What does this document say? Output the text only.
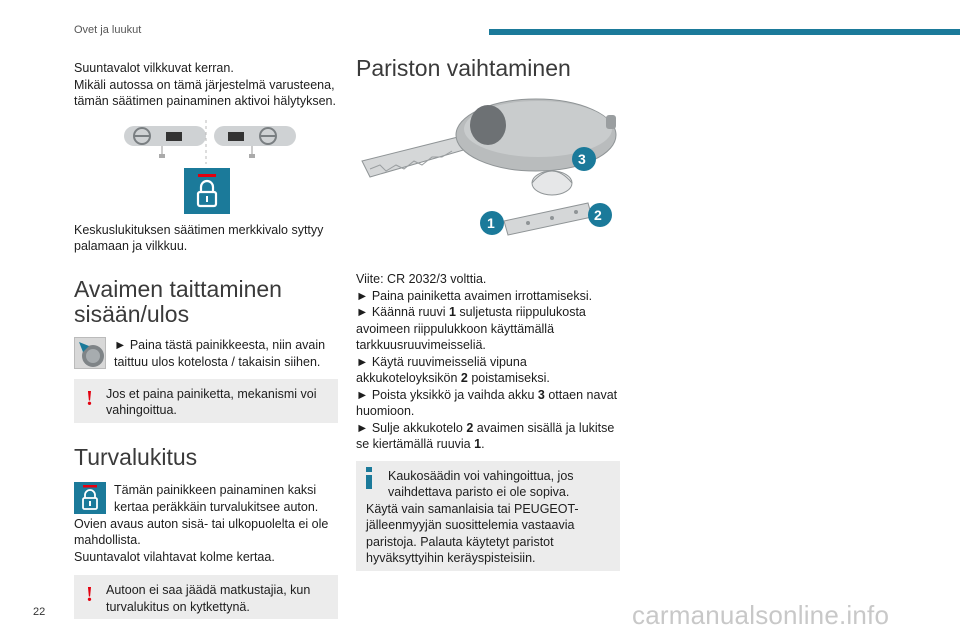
Ovet ja luukut

Suuntavalot vilkkuvat kerran.

Mikäli autossa on tämä järjestelmä varusteena,

tämän säätimen painaminen aktivoi hälytyksen.

Keskuslukituksen säätimen merkkivalo syttyy

palamaan ja vilkkuu.

Avaimen taittaminen
sisään/ulos

► Paina tästä painikkeesta, niin avain

taittuu ulos kotelosta / takaisin siihen.

! Jos et paina painiketta, mekanismi voi

vahingoittua.

Turvalukitus

Tämän painikkeen painaminen kaksi

kertaa peräkkäin turvalukitsee auton.

Ovien avaus auton sisä- tai ulkopuolelta ei ole

mahdollista.

Suuntavalot vilahtavat kolme kertaa.

! Autoon ei saa jäädä matkustajia, kun

turvalukitus on kytkettynä.

Pariston vaihtaminen
3
1	2

Viite: CR 2032/3 volttia.

► Paina painiketta avaimen irrottamiseksi.

► Käännä ruuvi 1 suljetusta riippulukosta

avoimeen riippulukkoon käyttämällä

tarkkuusruuvimeisseliä.

► Käytä ruuvimeisseliä vipuna

akkukoteloyksikön 2 poistamiseksi.

► Poista yksikkö ja vaihda akku 3 ottaen navat

huomioon.

► Sulje akkukotelo 2 avaimen sisällä ja lukitse

se kiertämällä ruuvia 1.

Kaukosäädin voi vahingoittua, jos

vaihdettava paristo ei ole sopiva.

Käytä vain samanlaisia tai PEUGEOT-

jälleenmyyjän suosittelemia vastaavia

paristoja. Palauta käytetyt paristot

hyväksyttyihin keräyspisteisiin.

22	carmanualsonline.info
